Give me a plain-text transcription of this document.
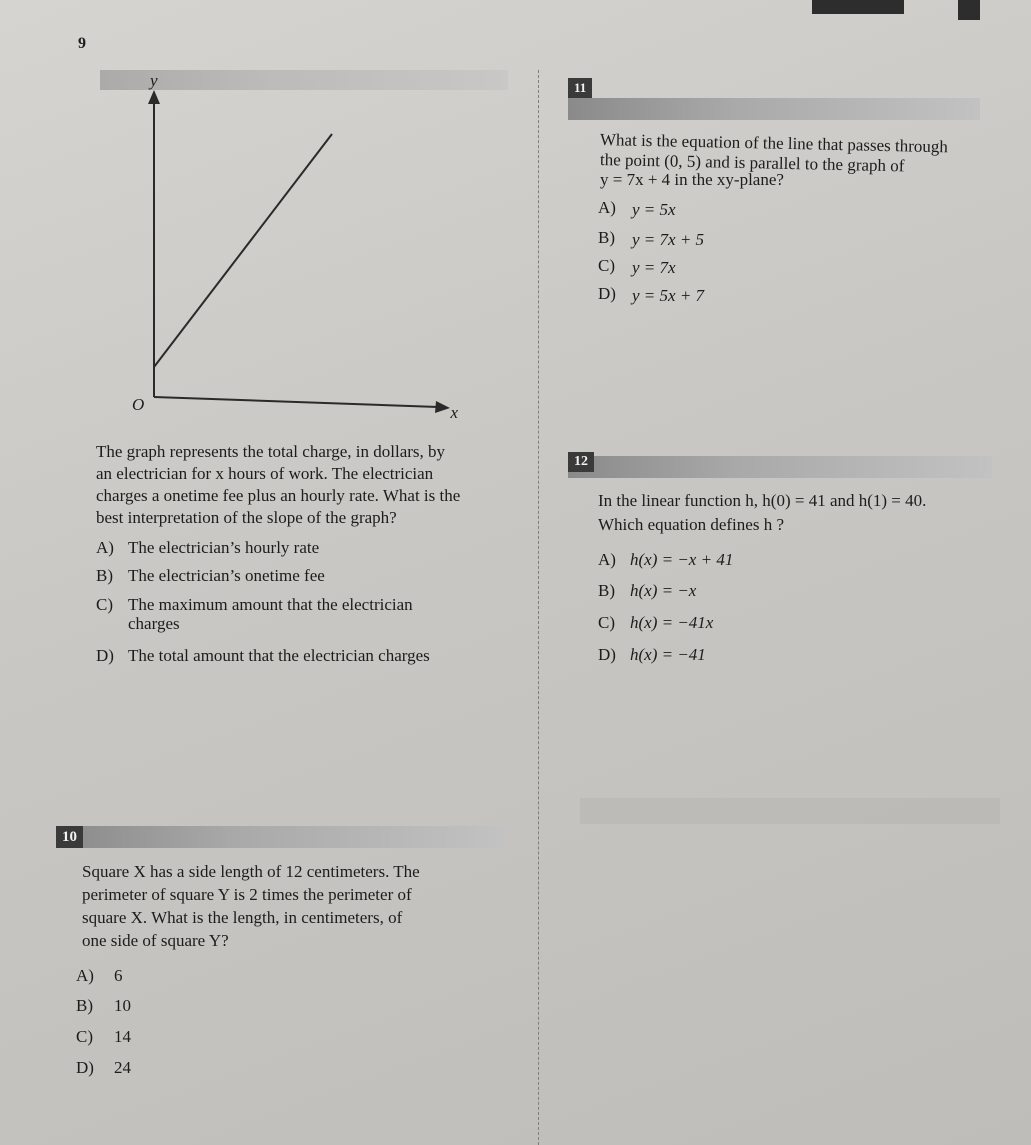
9
y
O	x
The graph represents the total charge, in dollars, by
an electrician for x hours of work. The electrician
charges a onetime fee plus an hourly rate. What is the
best interpretation of the slope of the graph?
A) The electrician’s hourly rate
B) The electrician’s onetime fee
C) The maximum amount that the electrician
charges
D) The total amount that the electrician charges
10
Square X has a side length of 12 centimeters. The
perimeter of square Y is 2 times the perimeter of
square X. What is the length, in centimeters, of
one side of square Y?
A) 6
B) 10
C) 14
D) 24
11
What is the equation of the line that passes through
the point (0, 5) and is parallel to the graph of
y = 7x + 4 in the xy-plane?
A) y = 5x
B) y = 7x + 5
C) y = 7x
D) y = 5x + 7
12
In the linear function h, h(0) = 41 and h(1) = 40.
Which equation defines h ?
A) h(x) = −x + 41
B) h(x) = −x
C) h(x) = −41x
D) h(x) = −41
